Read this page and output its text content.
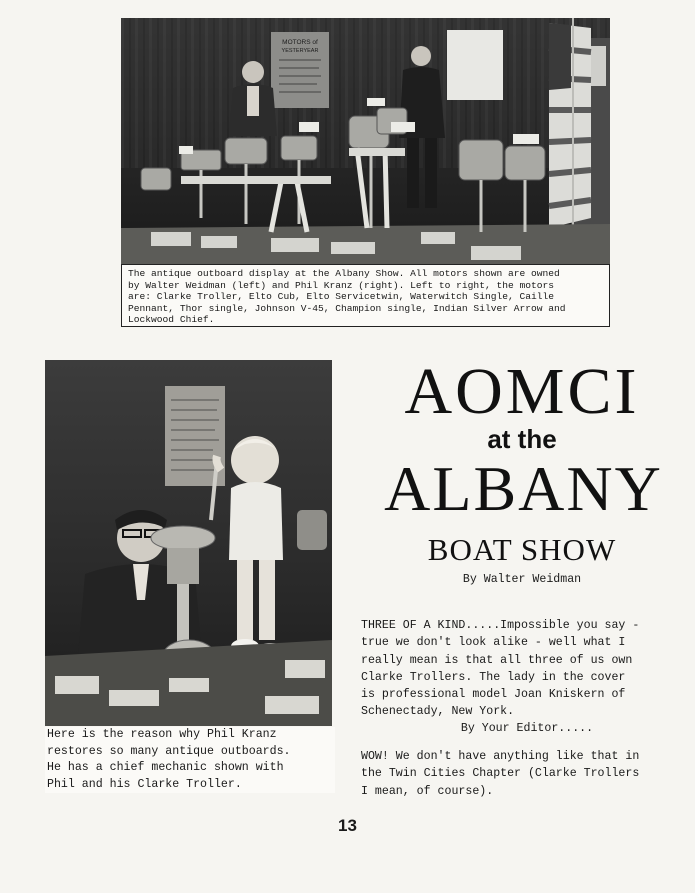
MOTORS of
YESTERYEAR
The antique outboard display at the Albany Show. All motors shown are owned
by Walter Weidman (left) and Phil Kranz (right). Left to right, the motors
are: Clarke Troller, Elto Cub, Elto Servicetwin, Waterwitch Single, Caille
Pennant, Thor single, Johnson V-45, Champion single, Indian Silver Arrow and
Lockwood Chief.
Here is the reason why Phil Kranz
restores so many antique outboards.
He has a chief mechanic shown with
Phil and his Clarke Troller.
AOMCI
at the
ALBANY
BOAT SHOW
By Walter Weidman
THREE OF A KIND.....Impossible you say -
true we don't look alike - well what I
really mean is that all three of us own
Clarke Trollers. The lady in the cover
is professional model Joan Kniskern of
Schenectady, New York.
By Your Editor.....
WOW! We don't have anything like that in
the Twin Cities Chapter (Clarke Trollers
I mean, of course).
13
